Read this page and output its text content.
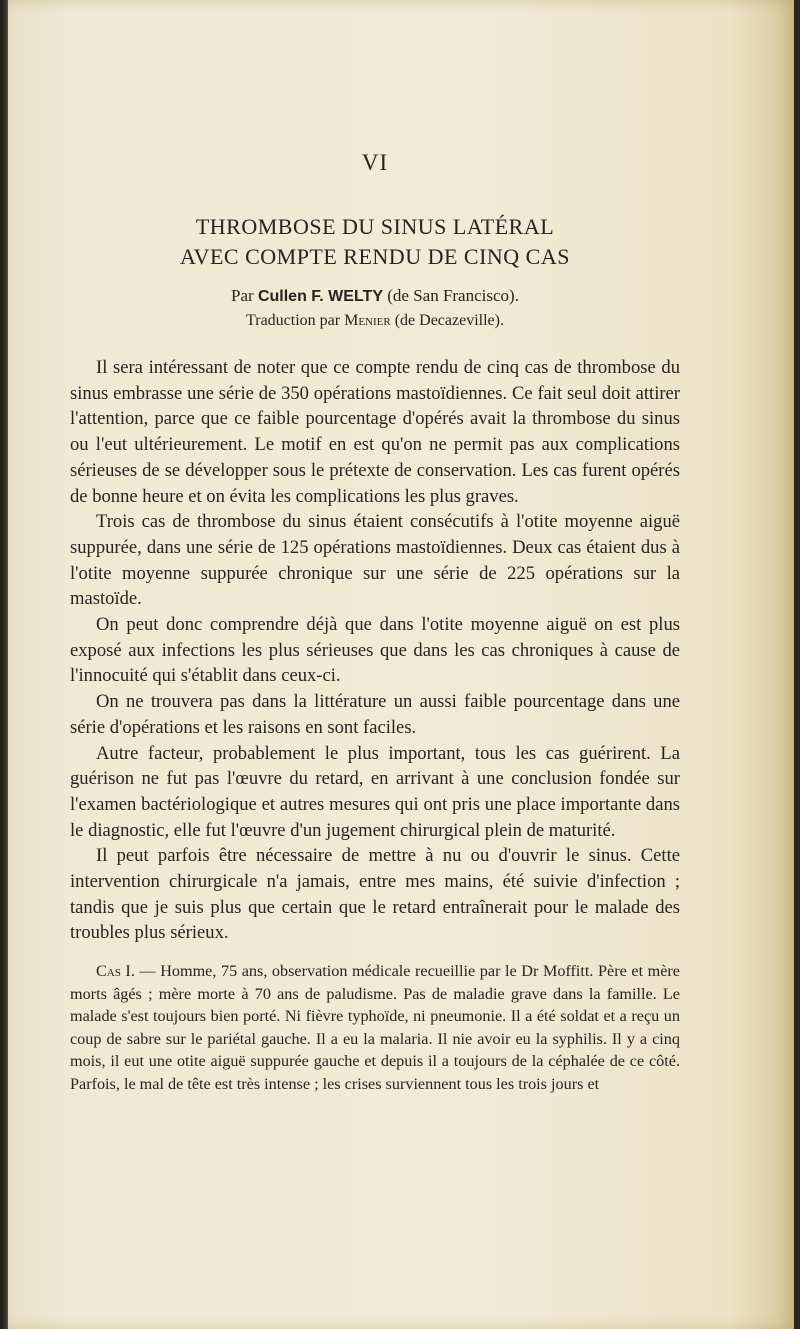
VI
THROMBOSE DU SINUS LATÉRAL
AVEC COMPTE RENDU DE CINQ CAS
Par Cullen F. WELTY (de San Francisco).
Traduction par Menier (de Decazeville).

Il sera intéressant de noter que ce compte rendu de cinq cas de thrombose du sinus embrasse une série de 350 opérations mastoïdiennes. Ce fait seul doit attirer l'attention, parce que ce faible pourcentage d'opérés avait la thrombose du sinus ou l'eut ultérieurement. Le motif en est qu'on ne permit pas aux complications sérieuses de se développer sous le prétexte de conservation. Les cas furent opérés de bonne heure et on évita les complications les plus graves.

Trois cas de thrombose du sinus étaient consécutifs à l'otite moyenne aiguë suppurée, dans une série de 125 opérations mastoïdiennes. Deux cas étaient dus à l'otite moyenne suppurée chronique sur une série de 225 opérations sur la mastoïde.

On peut donc comprendre déjà que dans l'otite moyenne aiguë on est plus exposé aux infections les plus sérieuses que dans les cas chroniques à cause de l'innocuité qui s'établit dans ceux-ci.

On ne trouvera pas dans la littérature un aussi faible pourcentage dans une série d'opérations et les raisons en sont faciles.

Autre facteur, probablement le plus important, tous les cas guérirent. La guérison ne fut pas l'œuvre du retard, en arrivant à une conclusion fondée sur l'examen bactériologique et autres mesures qui ont pris une place importante dans le diagnostic, elle fut l'œuvre d'un jugement chirurgical plein de maturité.

Il peut parfois être nécessaire de mettre à nu ou d'ouvrir le sinus. Cette intervention chirurgicale n'a jamais, entre mes mains, été suivie d'infection ; tandis que je suis plus que certain que le retard entraînerait pour le malade des troubles plus sérieux.

Cas I. — Homme, 75 ans, observation médicale recueillie par le Dr Moffitt. Père et mère morts âgés ; mère morte à 70 ans de paludisme. Pas de maladie grave dans la famille. Le malade s'est toujours bien porté. Ni fièvre typhoïde, ni pneumonie. Il a été soldat et a reçu un coup de sabre sur le pariétal gauche. Il a eu la malaria. Il nie avoir eu la syphilis. Il y a cinq mois, il eut une otite aiguë suppurée gauche et depuis il a toujours de la céphalée de ce côté. Parfois, le mal de tête est très intense ; les crises surviennent tous les trois jours et
